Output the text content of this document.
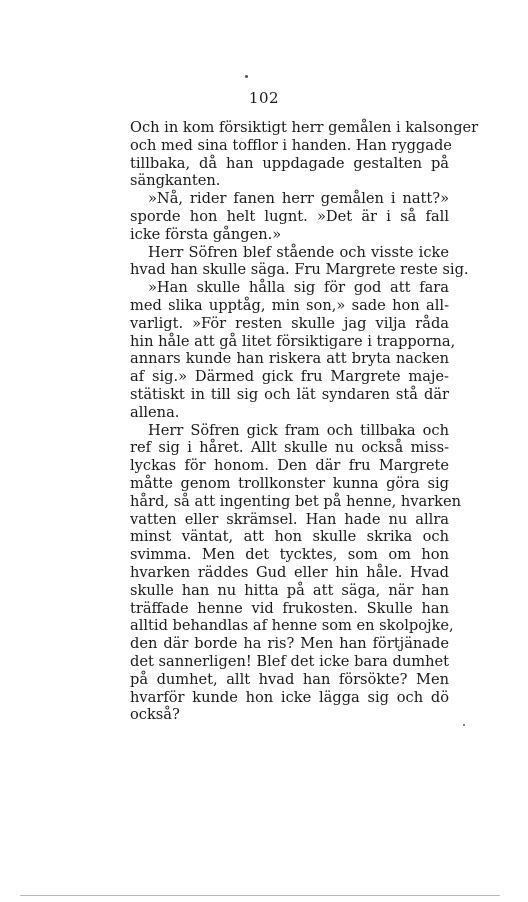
102
Och in kom försiktigt herr gemålen i kalsonger
och med sina tofflor i handen. Han ryggade
tillbaka, då han uppdagade gestalten på
sängkanten.
»Nå, rider fanen herr gemålen i natt?»
sporde hon helt lugnt. »Det är i så fall
icke första gången.»
Herr Söfren blef stående och visste icke
hvad han skulle säga. Fru Margrete reste sig.
»Han skulle hålla sig för god att fara
med slika upptåg, min son,» sade hon all-
varligt. »För resten skulle jag vilja råda
hin håle att gå litet försiktigare i trapporna,
annars kunde han riskera att bryta nacken
af sig.» Därmed gick fru Margrete maje-
stätiskt in till sig och lät syndaren stå där
allena.
Herr Söfren gick fram och tillbaka och
ref sig i håret. Allt skulle nu också miss-
lyckas för honom. Den där fru Margrete
måtte genom trollkonster kunna göra sig
hård, så att ingenting bet på henne, hvarken
vatten eller skrämsel. Han hade nu allra
minst väntat, att hon skulle skrika och
svimma. Men det tycktes, som om hon
hvarken räddes Gud eller hin håle. Hvad
skulle han nu hitta på att säga, när han
träffade henne vid frukosten. Skulle han
alltid behandlas af henne som en skolpojke,
den där borde ha ris? Men han förtjänade
det sannerligen! Blef det icke bara dumhet
på dumhet, allt hvad han försökte? Men
hvarför kunde hon icke lägga sig och dö
också?
